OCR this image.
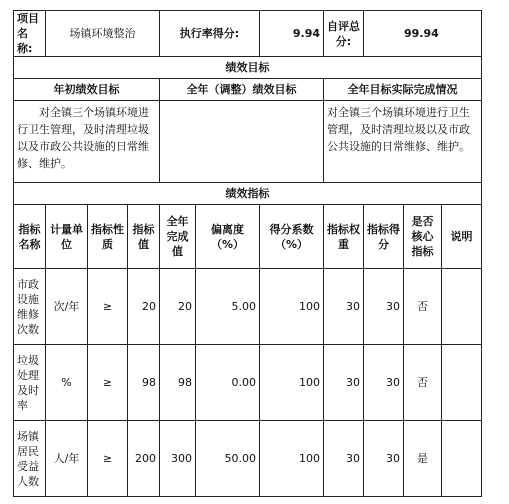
项目名称:	场镇环境整治			执行率得分:		9.94	自评总分:	99.94		
绩效目标										
年初绩效目标				全年（调整）绩效目标			全年目标实际完成情况			
对全镇三个场镇环境进行卫生管理，及时清理垃圾以及市政公共设施的日常维修、维护。							对全镇三个场镇环境进行卫生管理，及时清理垃圾以及市政公共设施的日常维修、维护。			
绩效指标										
指标名称	计量单位	指标性质	指标值	全年完成值	偏离度（%）	得分系数（%）	指标权重	指标得分	是否核心指标	说明
市政设施维修次数	次/年	≥	20	20	5.00	100	30	30	否	
垃圾处理及时率	%	≥	98	98	0.00	100	30	30	否	
场镇居民受益人数	人/年	≥	200	300	50.00	100	30	30	是	
